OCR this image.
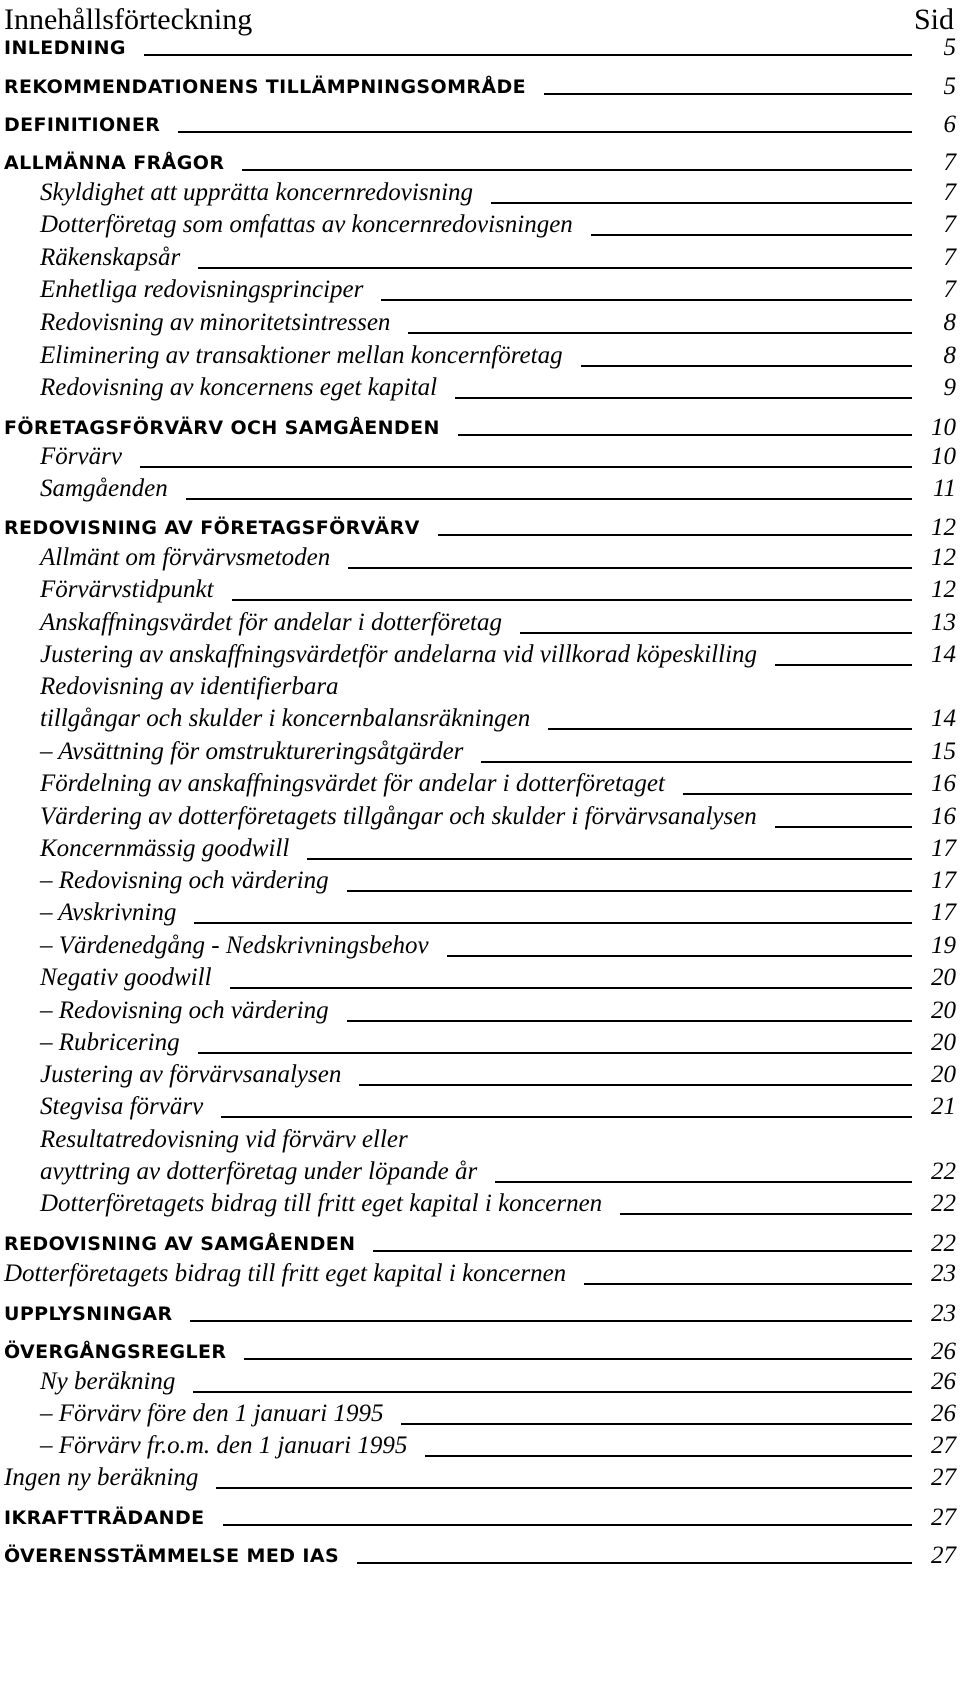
Innehållsförteckning	Sid
INLEDNING	5
REKOMMENDATIONENS TILLÄMPNINGSOMRÅDE	5
DEFINITIONER	6
ALLMÄNNA FRÅGOR	7
Skyldighet att upprätta koncernredovisning	7
Dotterföretag som omfattas av koncernredovisningen	7
Räkenskapsår	7
Enhetliga redovisningsprinciper	7
Redovisning av minoritetsintressen	8
Eliminering av transaktioner mellan koncernföretag	8
Redovisning av koncernens eget kapital	9
FÖRETAGSFÖRVÄRV OCH SAMGÅENDEN	10
Förvärv	10
Samgåenden	11
REDOVISNING AV FÖRETAGSFÖRVÄRV	12
Allmänt om förvärvsmetoden	12
Förvärvstidpunkt	12
Anskaffningsvärdet för andelar i dotterföretag	13
Justering av anskaffningsvärdetför andelarna vid villkorad köpeskilling	14
Redovisning av identifierbara
tillgångar och skulder i koncernbalansräkningen	14
– Avsättning för omstruktureringsåtgärder	15
Fördelning av anskaffningsvärdet för andelar i dotterföretaget	16
Värdering av dotterföretagets tillgångar och skulder i förvärvsanalysen	16
Koncernmässig goodwill	17
– Redovisning och värdering	17
– Avskrivning	17
– Värdenedgång - Nedskrivningsbehov	19
Negativ goodwill	20
– Redovisning och värdering	20
– Rubricering	20
Justering av förvärvsanalysen	20
Stegvisa förvärv	21
Resultatredovisning vid förvärv eller
avyttring av dotterföretag under löpande år	22
Dotterföretagets bidrag till fritt eget kapital i koncernen	22
REDOVISNING AV SAMGÅENDEN	22
Dotterföretagets bidrag till fritt eget kapital i koncernen	23
UPPLYSNINGAR	23
ÖVERGÅNGSREGLER	26
Ny beräkning	26
– Förvärv före den 1 januari 1995	26
– Förvärv fr.o.m. den 1 januari 1995	27
Ingen ny beräkning	27
IKRAFTTRÄDANDE	27
ÖVERENSSTÄMMELSE MED IAS	27
